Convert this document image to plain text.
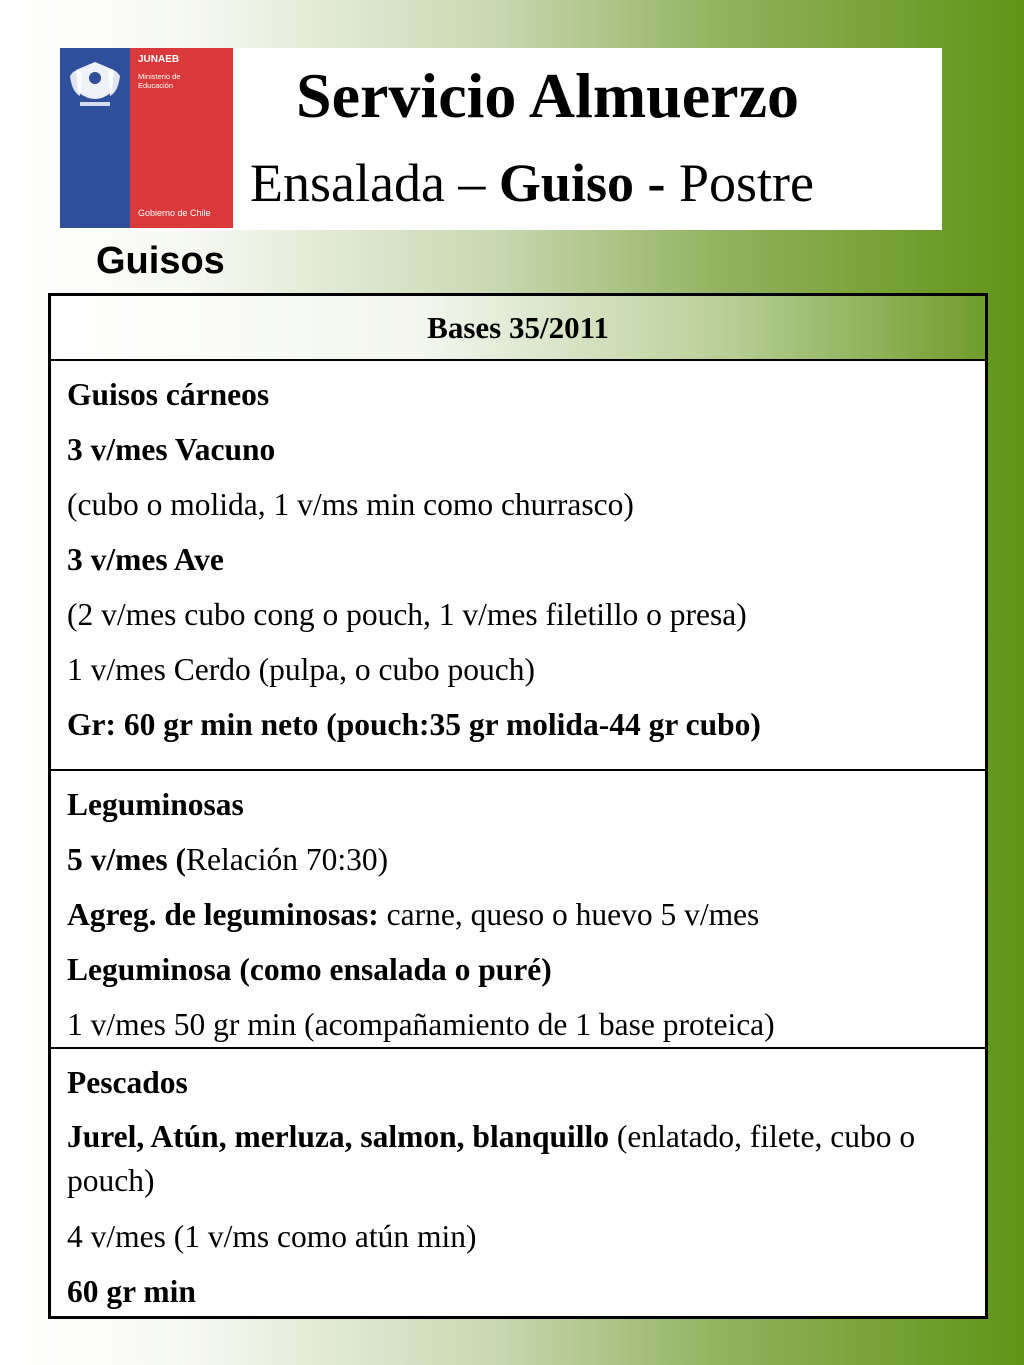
JUNAEB
Ministerio de
Educación
Gobierno de Chile
Servicio Almuerzo
Ensalada – Guiso - Postre
Guisos
Bases 35/2011

Guisos cárneos

3 v/mes Vacuno

(cubo o molida, 1 v/ms min como churrasco)

3 v/mes Ave

(2 v/mes cubo cong o pouch, 1 v/mes filetillo o presa)

1 v/mes Cerdo (pulpa, o cubo pouch)

Gr: 60 gr min neto (pouch:35 gr molida-44 gr cubo)

Leguminosas

5 v/mes (Relación 70:30)

Agreg. de leguminosas: carne, queso o huevo 5 v/mes

Leguminosa (como ensalada o puré)

1 v/mes 50 gr min (acompañamiento de 1 base proteica)

Pescados

Jurel, Atún, merluza, salmon, blanquillo (enlatado, filete, cubo o pouch)

4 v/mes (1 v/ms como atún min)

60 gr min
